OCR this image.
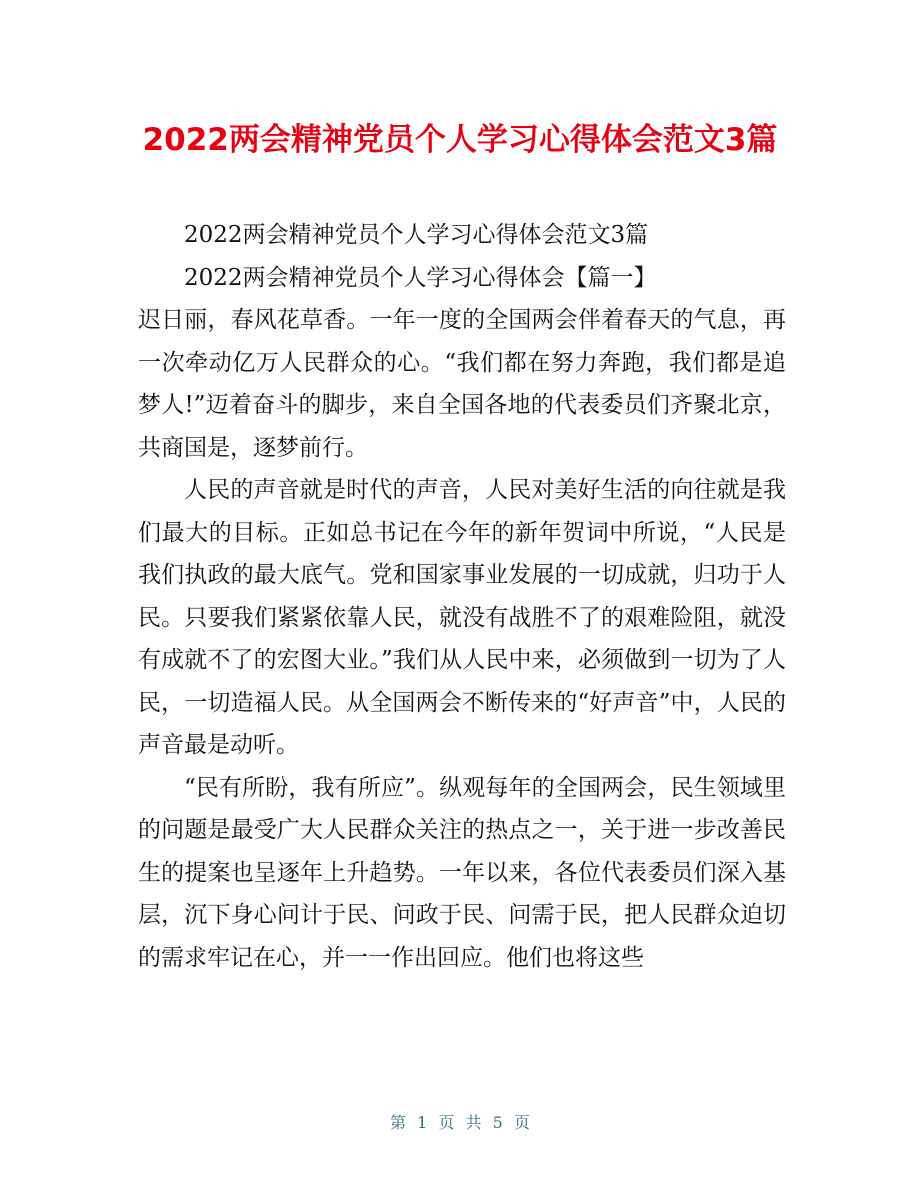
2022两会精神党员个人学习心得体会范文3篇

2022两会精神党员个人学习心得体会范文3篇

2022两会精神党员个人学习心得体会【篇一】

迟日丽，春风花草香。一年一度的全国两会伴着春天的气息，再一次牵动亿万人民群众的心。“我们都在努力奔跑，我们都是追梦人!”迈着奋斗的脚步，来自全国各地的代表委员们齐聚北京，共商国是，逐梦前行。

人民的声音就是时代的声音，人民对美好生活的向往就是我们最大的目标。正如总书记在今年的新年贺词中所说，“人民是我们执政的最大底气。党和国家事业发展的一切成就，归功于人民。只要我们紧紧依靠人民，就没有战胜不了的艰难险阻，就没有成就不了的宏图大业。”我们从人民中来，必须做到一切为了人民，一切造福人民。从全国两会不断传来的“好声音”中，人民的声音最是动听。

“民有所盼，我有所应”。纵观每年的全国两会，民生领域里的问题是最受广大人民群众关注的热点之一，关于进一步改善民生的提案也呈逐年上升趋势。一年以来，各位代表委员们深入基层，沉下身心问计于民、问政于民、问需于民，把人民群众迫切的需求牢记在心，并一一作出回应。他们也将这些

第 1 页 共 5 页
